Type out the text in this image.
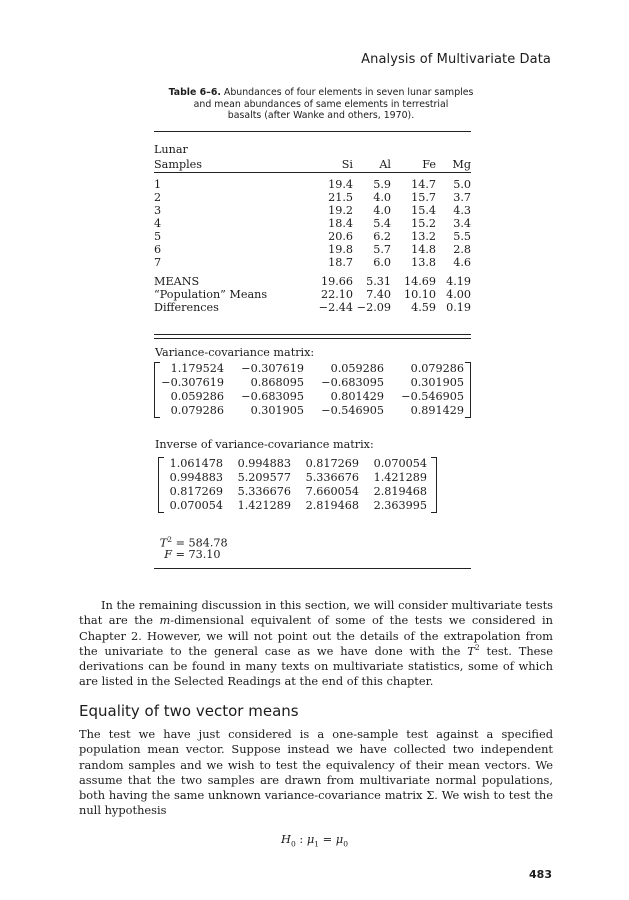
Analysis of Multivariate Data
Table 6–6. Abundances of four elements in seven lunar samples
and mean abundances of same elements in terrestrial
basalts (after Wanke and others, 1970).
Lunar				
Samples	Si	Al	Fe	Mg

1	19.4	5.9	14.7	5.0
2	21.5	4.0	15.7	3.7
3	19.2	4.0	15.4	4.3
4	18.4	5.4	15.2	3.4
5	20.6	6.2	13.2	5.5
6	19.8	5.7	14.8	2.8
7	18.7	6.0	13.8	4.6

MEANS	19.66	5.31	14.69	4.19
“Population” Means	22.10	7.40	10.10	4.00
Differences	−2.44	−2.09	4.59	0.19
Variance-covariance matrix:
1.179524	−0.307619	0.059286	0.079286
−0.307619	0.868095	−0.683095	0.301905
0.059286	−0.683095	0.801429	−0.546905
0.079286	0.301905	−0.546905	0.891429
Inverse of variance-covariance matrix:
1.061478	0.994883	0.817269	0.070054
0.994883	5.209577	5.336676	1.421289
0.817269	5.336676	7.660054	2.819468
0.070054	1.421289	2.819468	2.363995
$T^2 = 584.78$
F = 73.10
In the remaining discussion in this section, we will consider multivariate tests that are the m-dimensional equivalent of some of the tests we considered in Chapter 2. However, we will not point out the details of the extrapolation from the univariate to the general case as we have done with the $T^2$ test. These derivations can be found in many texts on multivariate statistics, some of which are listed in the Selected Readings at the end of this chapter.
Equality of two vector means
The test we have just considered is a one-sample test against a specified population mean vector. Suppose instead we have collected two independent random samples and we wish to test the equivalency of their mean vectors. We assume that the two samples are drawn from multivariate normal populations, both having the same unknown variance-covariance matrix Σ. We wish to test the null hypothesis
$H_0$ : $\mu_1 = \mu_0$
483
